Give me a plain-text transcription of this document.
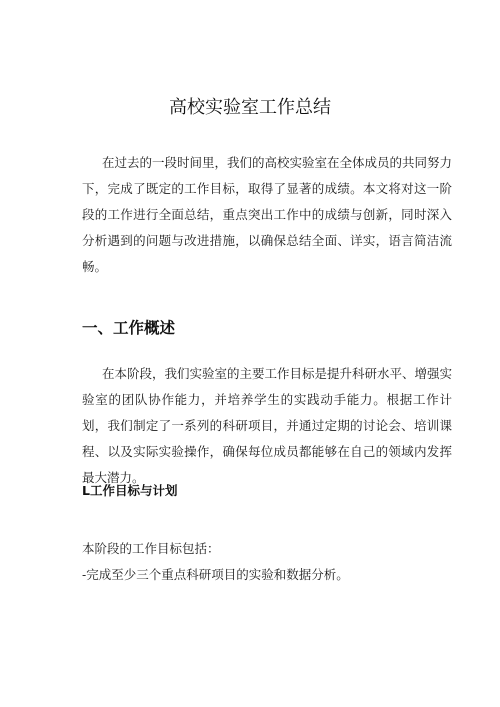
高校实验室工作总结

在过去的一段时间里，我们的高校实验室在全体成员的共同努力下，完成了既定的工作目标，取得了显著的成绩。本文将对这一阶段的工作进行全面总结，重点突出工作中的成绩与创新，同时深入分析遇到的问题与改进措施，以确保总结全面、详实，语言简洁流畅。

一、工作概述

在本阶段，我们实验室的主要工作目标是提升科研水平、增强实验室的团队协作能力，并培养学生的实践动手能力。根据工作计划，我们制定了一系列的科研项目，并通过定期的讨论会、培训课程、以及实际实验操作，确保每位成员都能够在自己的领域内发挥最大潜力。

L工作目标与计划

本阶段的工作目标包括：

-完成至少三个重点科研项目的实验和数据分析。
